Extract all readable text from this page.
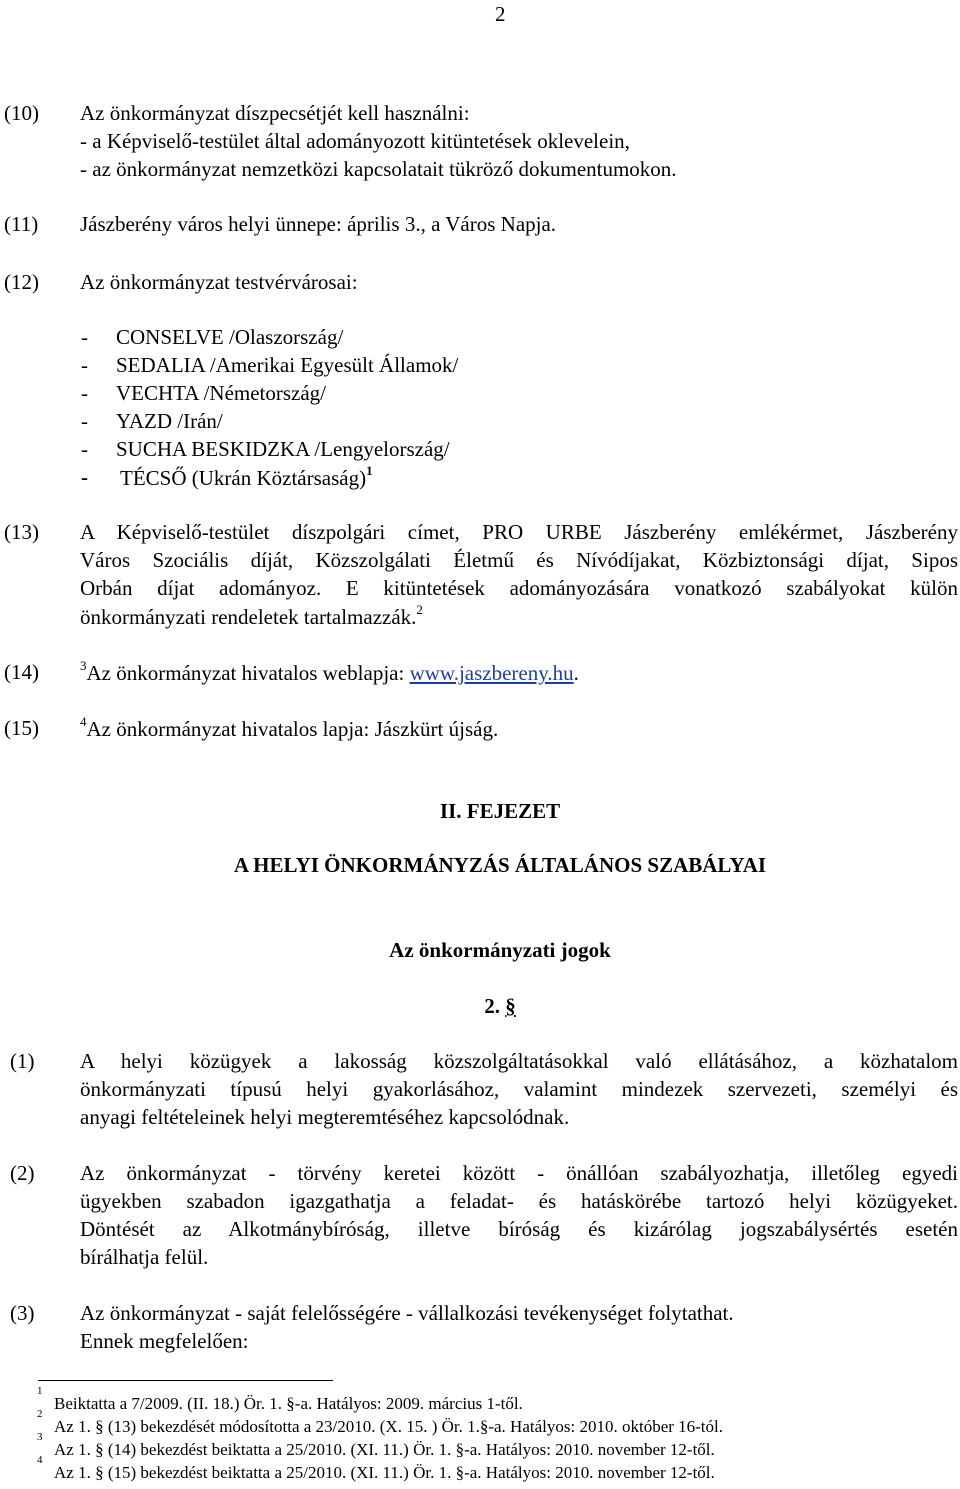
2
(10) Az önkormányzat díszpecsétjét kell használni:
- a Képviselő-testület által adományozott kitüntetések oklevelein,
- az önkormányzat nemzetközi kapcsolatait tükröző dokumentumokon.
(11) Jászberény város helyi ünnepe: április 3., a Város Napja.
(12) Az önkormányzat testvérvárosai:
- CONSELVE /Olaszország/
- SEDALIA /Amerikai Egyesült Államok/
- VECHTA /Németország/
- YAZD /Irán/
- SUCHA BESKIDZKA /Lengyelország/
- TÉCSŐ (Ukrán Köztársaság)$^1$
(13) A Képviselő-testület díszpolgári címet, PRO URBE Jászberény emlékérmet, Jászberény
Város Szociális díját, Közszolgálati Életmű és Nívódíjakat, Közbiztonsági díjat, Sipos
Orbán díjat adományoz. E kitüntetések adományozására vonatkozó szabályokat külön
önkormányzati rendeletek tartalmazzák.$^2$
(14)	$^3$Az önkormányzat hivatalos weblapja: www.jaszbereny.hu.
(15)	$^4$Az önkormányzat hivatalos lapja: Jászkürt újság.
II. FEJEZET
A HELYI ÖNKORMÁNYZÁS ÁLTALÁNOS SZABÁLYAI
Az önkormányzati jogok
2. §
(1) A helyi közügyek a lakosság közszolgáltatásokkal való ellátásához, a közhatalom
önkormányzati típusú helyi gyakorlásához, valamint mindezek szervezeti, személyi és
anyagi feltételeinek helyi megteremtéséhez kapcsolódnak.
(2) Az önkormányzat - törvény keretei között - önállóan szabályozhatja, illetőleg egyedi
ügyekben szabadon igazgathatja a feladat- és hatáskörébe tartozó helyi közügyeket.
Döntését az Alkotmánybíróság, illetve bíróság és kizárólag jogszabálysértés esetén
bírálhatja felül.
(3) Az önkormányzat - saját felelősségére - vállalkozási tevékenységet folytathat.
Ennek megfelelően:
1
Beiktatta a 7/2009. (II. 18.) Ör. 1. §-a. Hatályos: 2009. március 1-től.
2
Az 1. § (13) bekezdését módosította a 23/2010. (X. 15. ) Ör. 1.§-a. Hatályos: 2010. október 16-tól.
3
Az 1. § (14) bekezdést beiktatta a 25/2010. (XI. 11.) Ör. 1. §-a. Hatályos: 2010. november 12-től.
4
Az 1. § (15) bekezdést beiktatta a 25/2010. (XI. 11.) Ör. 1. §-a. Hatályos: 2010. november 12-től.
